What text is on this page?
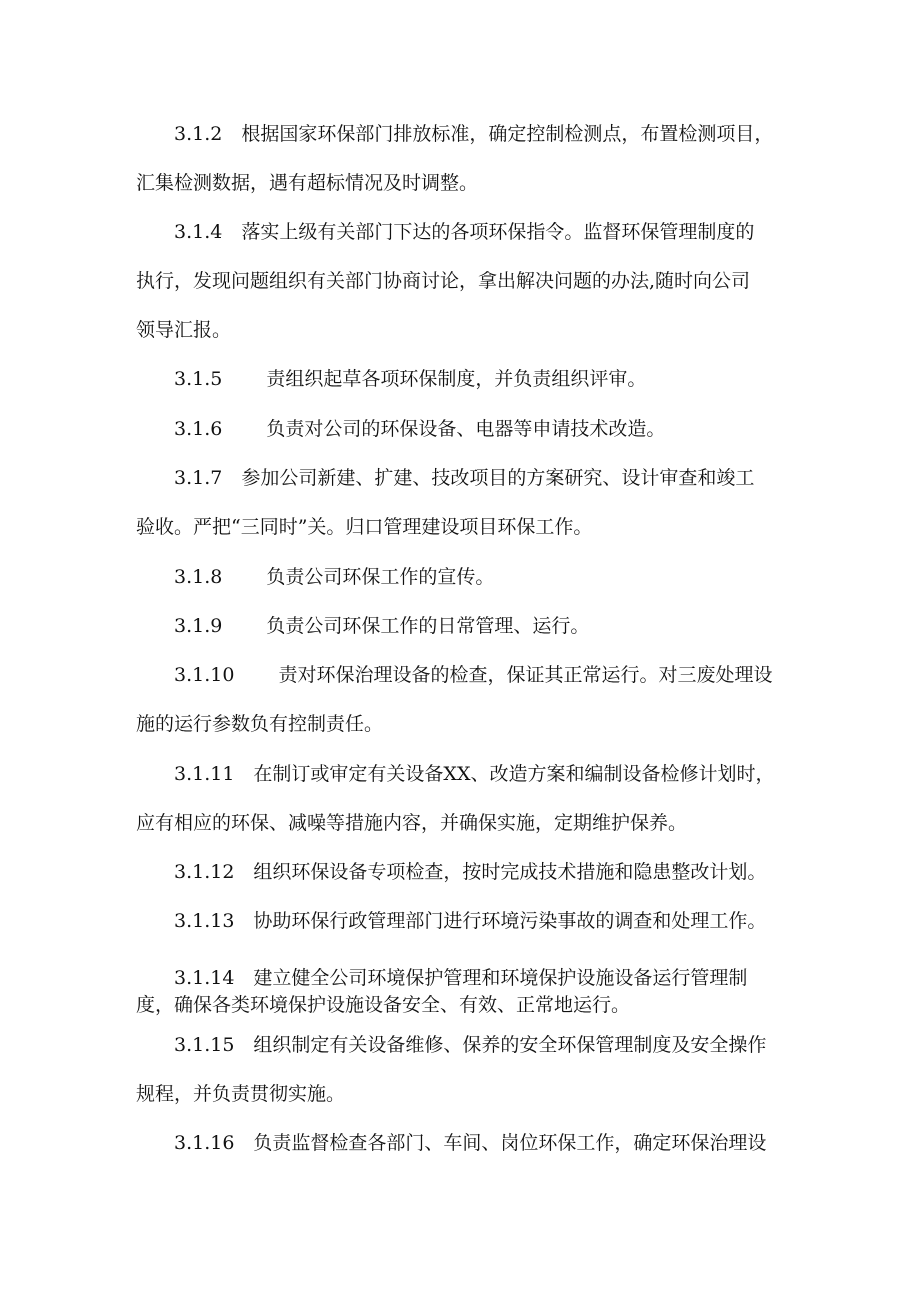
3.1.2　根据国家环保部门排放标准，确定控制检测点，布置检测项目，
汇集检测数据，遇有超标情况及时调整。
3.1.4　落实上级有关部门下达的各项环保指令。监督环保管理制度的
执行，发现问题组织有关部门协商讨论，拿出解决问题的办法,随时向公司
领导汇报。
3.1.5　　 责组织起草各项环保制度，并负责组织评审。
3.1.6　　 负责对公司的环保设备、电器等申请技术改造。
3.1.7　参加公司新建、扩建、技改项目的方案研究、设计审查和竣工
验收。严把“三同时”关。归口管理建设项目环保工作。
3.1.8　　 负责公司环保工作的宣传。
3.1.9　　 负责公司环保工作的日常管理、运行。
3.1.10　　 责对环保治理设备的检查，保证其正常运行。对三废处理设
施的运行参数负有控制责任。
3.1.11　在制订或审定有关设备XX、改造方案和编制设备检修计划时，
应有相应的环保、减噪等措施内容，并确保实施，定期维护保养。
3.1.12　组织环保设备专项检查，按时完成技术措施和隐患整改计划。
3.1.13　协助环保行政管理部门进行环境污染事故的调查和处理工作。
3.1.14　建立健全公司环境保护管理和环境保护设施设备运行管理制
度，确保各类环境保护设施设备安全、有效、正常地运行。
3.1.15　组织制定有关设备维修、保养的安全环保管理制度及安全操作
规程，并负责贯彻实施。
3.1.16　负责监督检查各部门、车间、岗位环保工作，确定环保治理设
